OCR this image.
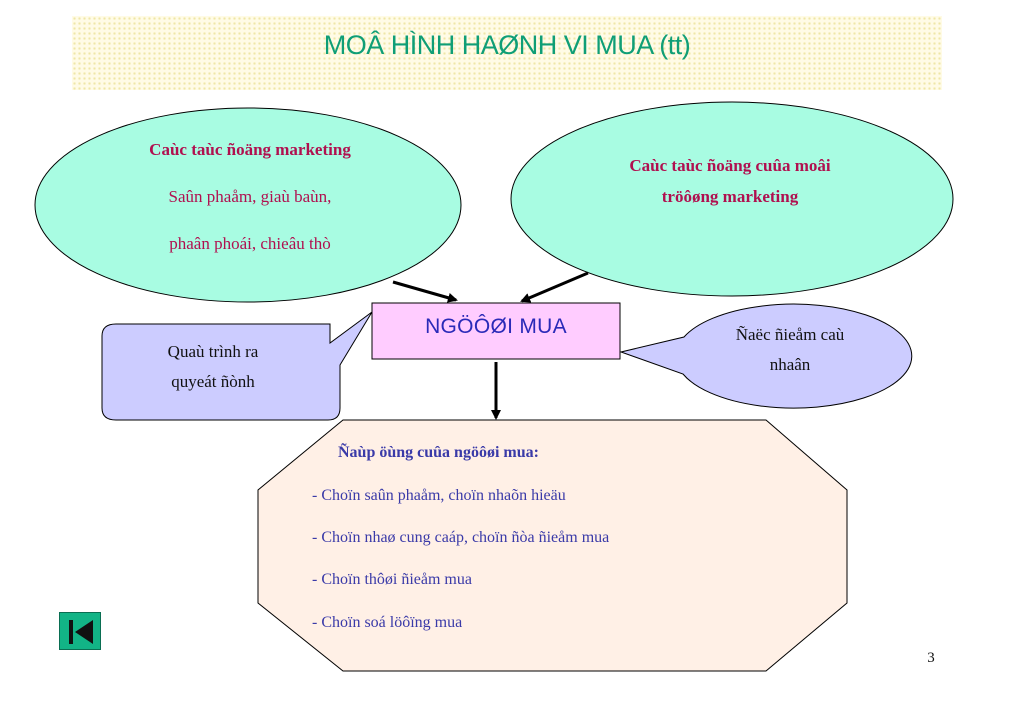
MOÂ HÌNH HAØNH VI MUA (tt)
Caùc taùc ñoäng marketing
Saûn phaåm, giaù baùn,
phaân phoái, chieâu thò
Caùc taùc ñoäng cuûa moâi
tröôøng marketing
NGÖÔØI MUA
Quaù trình ra
quyeát ñònh
Ñaëc ñieåm caù
nhaân
Ñaùp öùng cuûa ngöôøi mua:
- Choïn saûn phaåm, choïn nhaõn hieäu
- Choïn nhaø cung caáp, choïn ñòa ñieåm mua
- Choïn thôøi ñieåm mua
- Choïn soá löôïng mua
3
